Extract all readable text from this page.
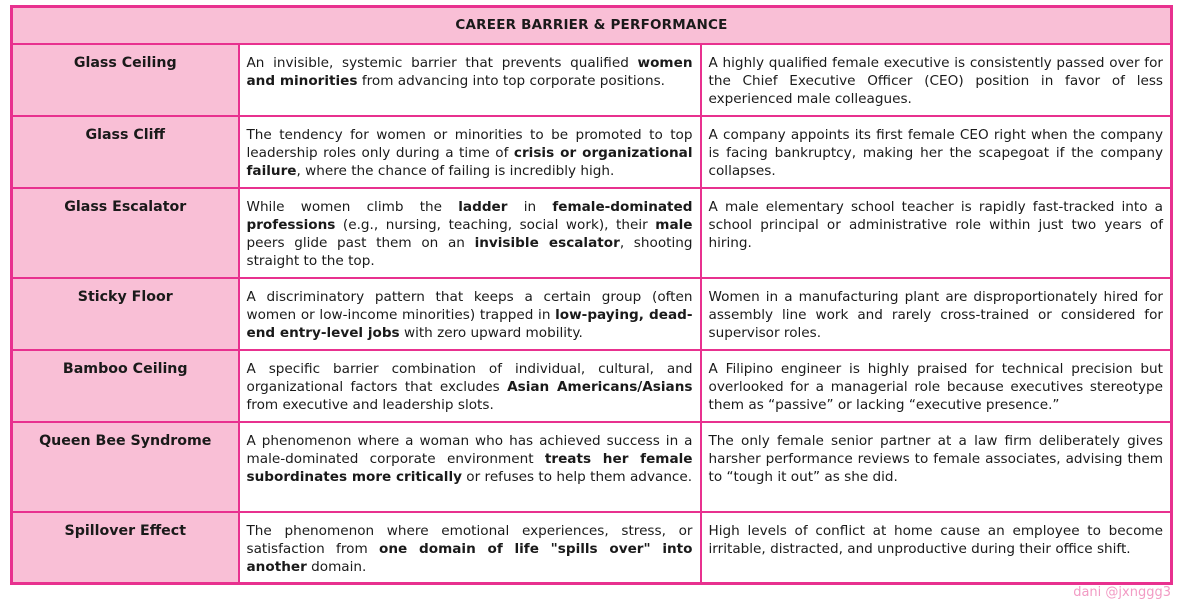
CAREER BARRIER & PERFORMANCE		
Glass Ceiling	An invisible, systemic barrier that prevents qualified women and minorities from advancing into top corporate positions.	A highly qualified female executive is consistently passed over for the Chief Executive Officer (CEO) position in favor of less experienced male colleagues.
Glass Cliff	The tendency for women or minorities to be promoted to top leadership roles only during a time of crisis or organizational failure, where the chance of failing is incredibly high.	A company appoints its first female CEO right when the company is facing bankruptcy, making her the scapegoat if the company collapses.
Glass Escalator	While women climb the ladder in female-dominated professions (e.g., nursing, teaching, social work), their male peers glide past them on an invisible escalator, shooting straight to the top.	A male elementary school teacher is rapidly fast-tracked into a school principal or administrative role within just two years of hiring.
Sticky Floor	A discriminatory pattern that keeps a certain group (often women or low-income minorities) trapped in low-paying, dead-end entry-level jobs with zero upward mobility.	Women in a manufacturing plant are disproportionately hired for assembly line work and rarely cross-trained or considered for supervisor roles.
Bamboo Ceiling	A specific barrier combination of individual, cultural, and organizational factors that excludes Asian Americans/Asians from executive and leadership slots.	A Filipino engineer is highly praised for technical precision but overlooked for a managerial role because executives stereotype them as “passive” or lacking “executive presence.”
Queen Bee Syndrome	A phenomenon where a woman who has achieved success in a male-dominated corporate environment treats her female subordinates more critically or refuses to help them advance.	The only female senior partner at a law firm deliberately gives harsher performance reviews to female associates, advising them to “tough it out” as she did.
Spillover Effect	The phenomenon where emotional experiences, stress, or satisfaction from one domain of life "spills over" into another domain.	High levels of conflict at home cause an employee to become irritable, distracted, and unproductive during their office shift.
dani @jxnggg3
